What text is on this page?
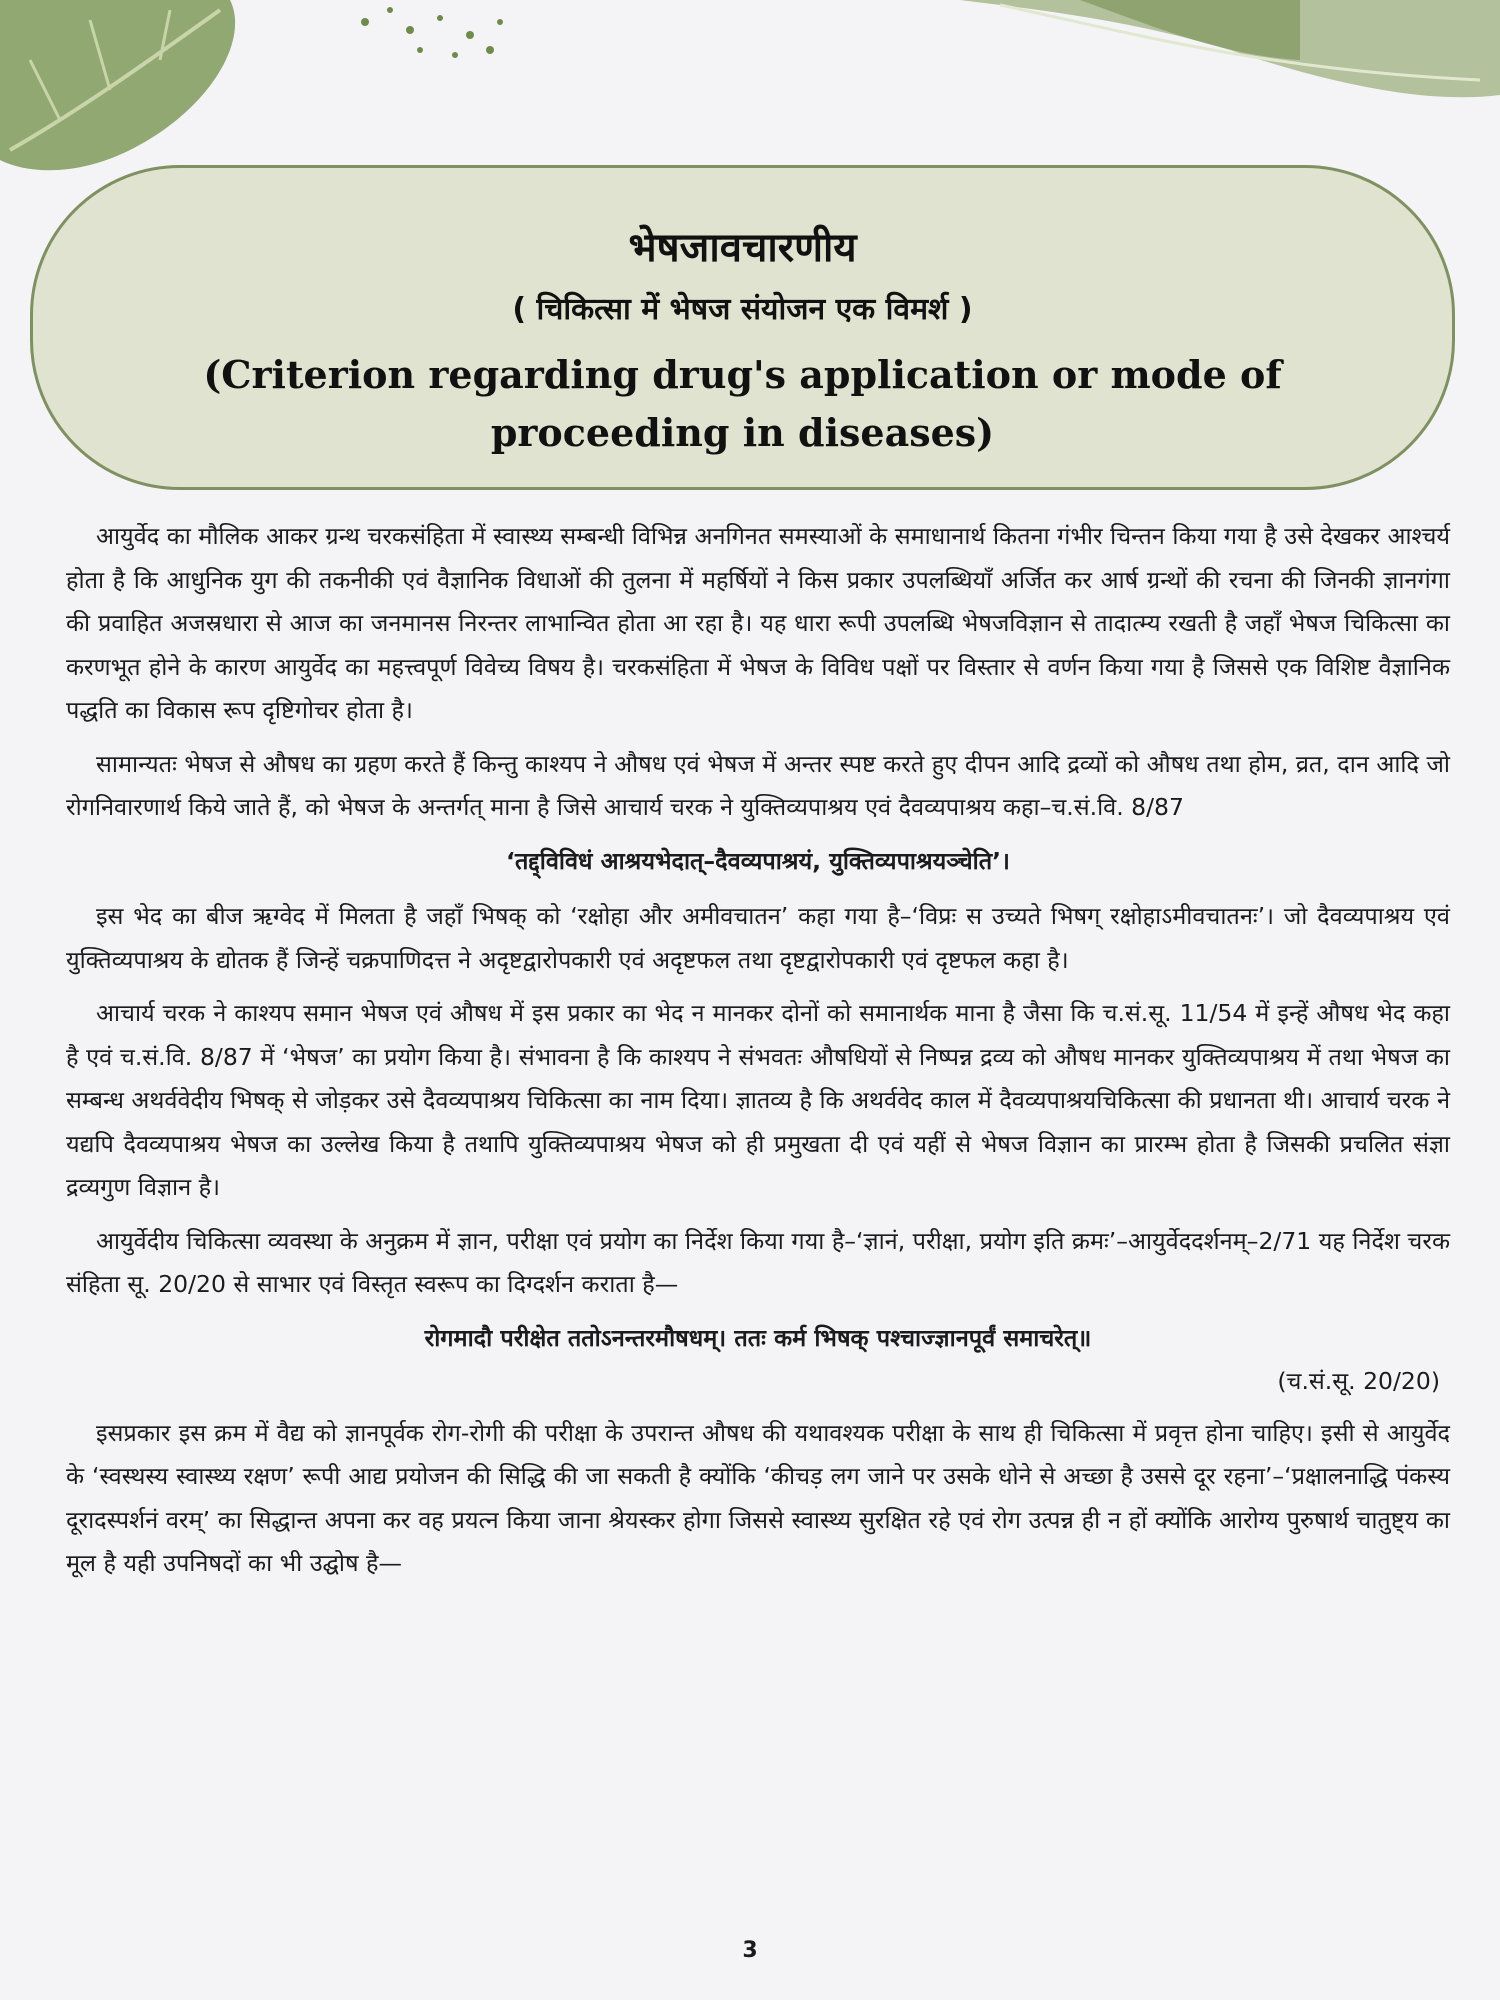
भेषजावचारणीय
( चिकित्सा में भेषज संयोजन एक विमर्श )
(Criterion regarding drug's application or mode of proceeding in diseases)

आयुर्वेद का मौलिक आकर ग्रन्थ चरकसंहिता में स्वास्थ्य सम्बन्धी विभिन्न अनगिनत समस्याओं के समाधानार्थ कितना गंभीर चिन्तन किया गया है उसे देखकर आश्चर्य होता है कि आधुनिक युग की तकनीकी एवं वैज्ञानिक विधाओं की तुलना में महर्षियों ने किस प्रकार उपलब्धियाँ अर्जित कर आर्ष ग्रन्थों की रचना की जिनकी ज्ञानगंगा की प्रवाहित अजस्रधारा से आज का जनमानस निरन्तर लाभान्वित होता आ रहा है। यह धारा रूपी उपलब्धि भेषजविज्ञान से तादात्म्य रखती है जहाँ भेषज चिकित्सा का करणभूत होने के कारण आयुर्वेद का महत्त्वपूर्ण विवेच्य विषय है। चरकसंहिता में भेषज के विविध पक्षों पर विस्तार से वर्णन किया गया है जिससे एक विशिष्ट वैज्ञानिक पद्धति का विकास रूप दृष्टिगोचर होता है।

सामान्यतः भेषज से औषध का ग्रहण करते हैं किन्तु काश्यप ने औषध एवं भेषज में अन्तर स्पष्ट करते हुए दीपन आदि द्रव्यों को औषध तथा होम, व्रत, दान आदि जो रोगनिवारणार्थ किये जाते हैं, को भेषज के अन्तर्गत् माना है जिसे आचार्य चरक ने युक्तिव्यपाश्रय एवं दैवव्यपाश्रय कहा–च.सं.वि. 8/87

‘तद्द्विविधं आश्रयभेदात्–दैवव्यपाश्रयं, युक्तिव्यपाश्रयञ्चेति’।

इस भेद का बीज ऋग्वेद में मिलता है जहाँ भिषक् को ‘रक्षोहा और अमीवचातन’ कहा गया है–‘विप्रः स उच्यते भिषग् रक्षोहाऽमीवचातनः’। जो दैवव्यपाश्रय एवं युक्तिव्यपाश्रय के द्योतक हैं जिन्हें चक्रपाणिदत्त ने अदृष्टद्वारोपकारी एवं अदृष्टफल तथा दृष्टद्वारोपकारी एवं दृष्टफल कहा है।

आचार्य चरक ने काश्यप समान भेषज एवं औषध में इस प्रकार का भेद न मानकर दोनों को समानार्थक माना है जैसा कि च.सं.सू. 11/54 में इन्हें औषध भेद कहा है एवं च.सं.वि. 8/87 में ‘भेषज’ का प्रयोग किया है। संभावना है कि काश्यप ने संभवतः औषधियों से निष्पन्न द्रव्य को औषध मानकर युक्तिव्यपाश्रय में तथा भेषज का सम्बन्ध अथर्ववेदीय भिषक् से जोड़कर उसे दैवव्यपाश्रय चिकित्सा का नाम दिया। ज्ञातव्य है कि अथर्ववेद काल में दैवव्यपाश्रयचिकित्सा की प्रधानता थी। आचार्य चरक ने यद्यपि दैवव्यपाश्रय भेषज का उल्लेख किया है तथापि युक्तिव्यपाश्रय भेषज को ही प्रमुखता दी एवं यहीं से भेषज विज्ञान का प्रारम्भ होता है जिसकी प्रचलित संज्ञा द्रव्यगुण विज्ञान है।

आयुर्वेदीय चिकित्सा व्यवस्था के अनुक्रम में ज्ञान, परीक्षा एवं प्रयोग का निर्देश किया गया है–‘ज्ञानं, परीक्षा, प्रयोग इति क्रमः’–आयुर्वेददर्शनम्–2/71 यह निर्देश चरक संहिता सू. 20/20 से साभार एवं विस्तृत स्वरूप का दिग्दर्शन कराता है—

रोगमादौ परीक्षेत ततोऽनन्तरमौषधम्। ततः कर्म भिषक् पश्चाज्ज्ञानपूर्वं समाचरेत्॥

(च.सं.सू. 20/20)

इसप्रकार इस क्रम में वैद्य को ज्ञानपूर्वक रोग-रोगी की परीक्षा के उपरान्त औषध की यथावश्यक परीक्षा के साथ ही चिकित्सा में प्रवृत्त होना चाहिए। इसी से आयुर्वेद के ‘स्वस्थस्य स्वास्थ्य रक्षण’ रूपी आद्य प्रयोजन की सिद्धि की जा सकती है क्योंकि ‘कीचड़ लग जाने पर उसके धोने से अच्छा है उससे दूर रहना’–‘प्रक्षालनाद्धि पंकस्य दूरादस्पर्शनं वरम्’ का सिद्धान्त अपना कर वह प्रयत्न किया जाना श्रेयस्कर होगा जिससे स्वास्थ्य सुरक्षित रहे एवं रोग उत्पन्न ही न हों क्योंकि आरोग्य पुरुषार्थ चातुष्ट्य का मूल है यही उपनिषदों का भी उद्घोष है—

3
